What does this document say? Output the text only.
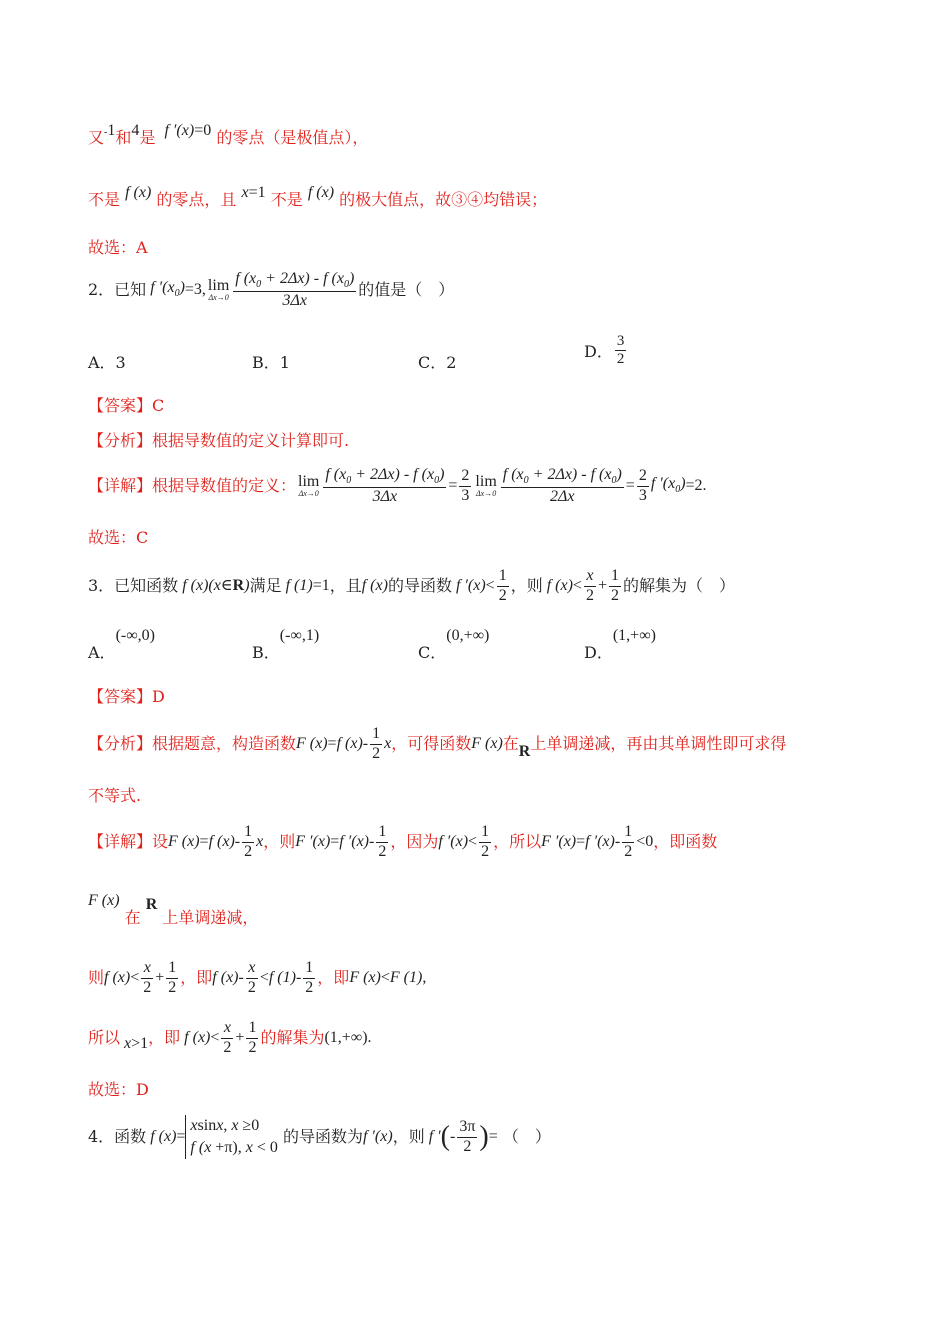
又-1和4是  f ′(x)=0 的零点（是极值点），
不是 f (x) 的零点，且 x=1 不是 f (x) 的极大值点，故③④均错误；
故选：A
2．已知 f $'(x_0) =3$, lim
$\Delta x\to 0 \frac{f (x_0 + 2\Delta x) - f (x_0)}{3\Delta x}$ 的值是（　）
A．3	B．1	C．2
D． $\frac{3}{2}$
【答案】C
【分析】根据导数值的定义计算即可.
【详解】根据导数值的定义： lim
$\Delta x\to 0 \frac{f (x_0 + 2\Delta x) - f (x_0)}{3\Delta x} = \frac{2}{3}$ lim
$\Delta x\to 0 \frac{f (x_0 + 2\Delta x) - f (x_0)}{2\Delta x} = \frac{2}{3}$ f $'(x_0) =2$.
故选：C
3．已知函数 f (x)(x∈R) 满足 f (1) =1 ，且 f (x) 的导函数 f $'(x) < \frac{1}{2}$ ，则 f $(x) < \frac{x}{2} + \frac{1}{2}$ 的解集为（　）
A．(-∞,0)
B．(-∞,1)
C．(0,+∞)
D．(1,+∞)
【答案】D
【分析】根据题意，构造函数 F (x) = f $(x) - \frac{1}{2}$ x ，可得函数 F (x) 在 R 上单调递减，再由其单调性即可求得
不等式.
【详解】设 F (x) = f $(x) - \frac{1}{2}$ x ，则 F ′(x) = f $'(x) - \frac{1}{2}$ ，因为 f $'(x) < \frac{1}{2}$ ，所以 F ′(x) = f $'(x) - \frac{1}{2} <0$ ，即函数
F (x) 在 R 上单调递减，
则 f $(x) < \frac{x}{2} + \frac{1}{2}$ ，即 f $(x) - \frac{x}{2} < f$ $(1) - \frac{1}{2}$ ，即 F (x) < F (1) ,
所以 x >1 ，即 f $(x) < \frac{x}{2} + \frac{1}{2}$ 的解集为 (1,+∞).
故选：D
4．函数 f (x) =
xsinx, x ≥0
f (x +π), x < 0

的导函数为 f ′(x) ，则 f ′ ( - $\frac{3\pi}{2}$ ) =
（　）
